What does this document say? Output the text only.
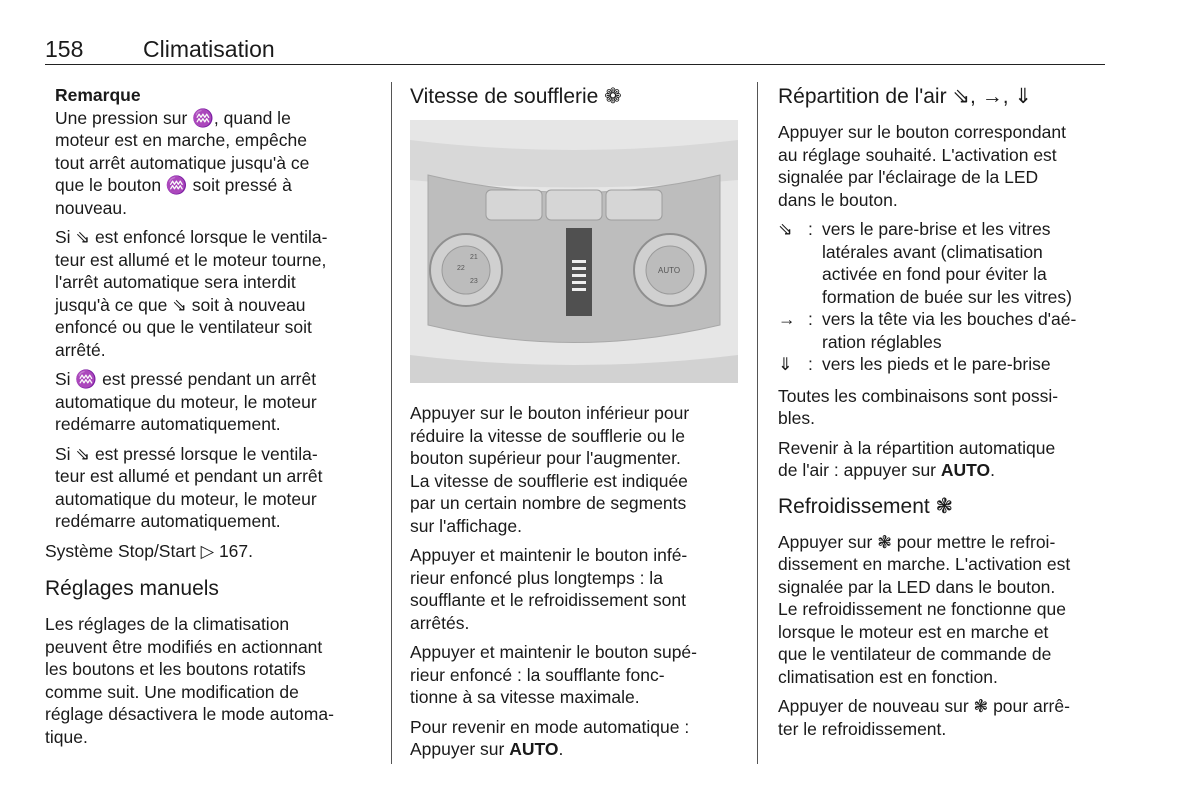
158	Climatisation
Remarque

Une pression sur ♒, quand le
moteur est en marche, empêche
tout arrêt automatique jusqu'à ce
que le bouton ♒ soit pressé à
nouveau.

Si ⇘ est enfoncé lorsque le ventila-
teur est allumé et le moteur tourne,
l'arrêt automatique sera interdit
jusqu'à ce que ⇘ soit à nouveau
enfoncé ou que le ventilateur soit
arrêté.

Si ♒ est pressé pendant un arrêt
automatique du moteur, le moteur
redémarre automatiquement.

Si ⇘ est pressé lorsque le ventila-
teur est allumé et pendant un arrêt
automatique du moteur, le moteur
redémarre automatiquement.

Système Stop/Start ▷ 167.

Réglages manuels

Les réglages de la climatisation
peuvent être modifiés en actionnant
les boutons et les boutons rotatifs
comme suit. Une modification de
réglage désactivera le mode automa-
tique.

Vitesse de soufflerie ❁
21
22
23
AUTO

Appuyer sur le bouton inférieur pour
réduire la vitesse de soufflerie ou le
bouton supérieur pour l'augmenter.
La vitesse de soufflerie est indiquée
par un certain nombre de segments
sur l'affichage.

Appuyer et maintenir le bouton infé-
rieur enfoncé plus longtemps : la
soufflante et le refroidissement sont
arrêtés.

Appuyer et maintenir le bouton supé-
rieur enfoncé : la soufflante fonc-
tionne à sa vitesse maximale.

Pour revenir en mode automatique :
Appuyer sur AUTO.

Répartition de l'air ⇘, →, ⇓

Appuyer sur le bouton correspondant
au réglage souhaité. L'activation est
signalée par l'éclairage de la LED
dans le bouton.

⇘ : vers le pare-brise et les vitres
latérales avant (climatisation
activée en fond pour éviter la
formation de buée sur les vitres)
→ : vers la tête via les bouches d'aé-
ration réglables
⇓ : vers les pieds et le pare-brise

Toutes les combinaisons sont possi-
bles.

Revenir à la répartition automatique
de l'air : appuyer sur AUTO.

Refroidissement ❃

Appuyer sur ❃ pour mettre le refroi-
dissement en marche. L'activation est
signalée par la LED dans le bouton.
Le refroidissement ne fonctionne que
lorsque le moteur est en marche et
que le ventilateur de commande de
climatisation est en fonction.

Appuyer de nouveau sur ❃ pour arrê-
ter le refroidissement.
